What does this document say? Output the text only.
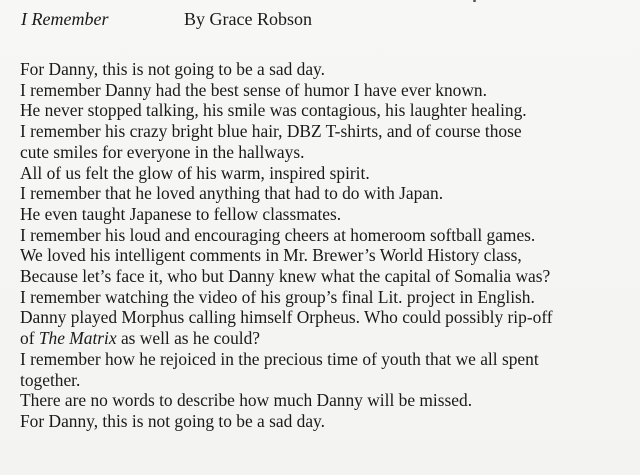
I Remember	By Grace Robson
For Danny, this is not going to be a sad day.
I remember Danny had the best sense of humor I have ever known.
He never stopped talking, his smile was contagious, his laughter healing.
I remember his crazy bright blue hair, DBZ T-shirts, and of course those
cute smiles for everyone in the hallways.
All of us felt the glow of his warm, inspired spirit.
I remember that he loved anything that had to do with Japan.
He even taught Japanese to fellow classmates.
I remember his loud and encouraging cheers at homeroom softball games.
We loved his intelligent comments in Mr. Brewer’s World History class,
Because let’s face it, who but Danny knew what the capital of Somalia was?
I remember watching the video of his group’s final Lit. project in English.
Danny played Morphus calling himself Orpheus. Who could possibly rip-off
of The Matrix as well as he could?
I remember how he rejoiced in the precious time of youth that we all spent
together.
There are no words to describe how much Danny will be missed.
For Danny, this is not going to be a sad day.
